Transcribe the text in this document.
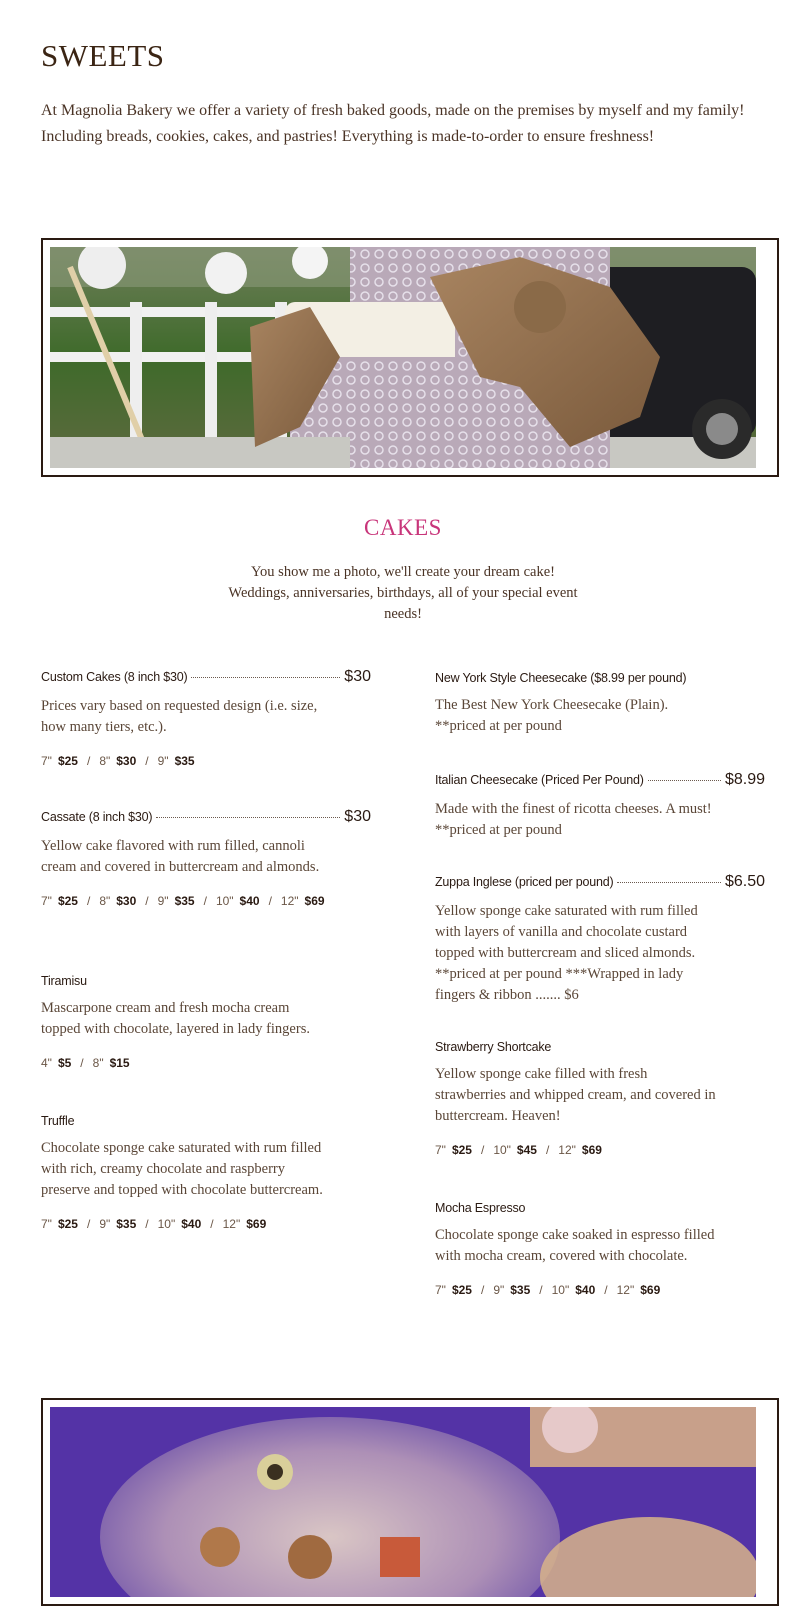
SWEETS

At Magnolia Bakery we offer a variety of fresh baked goods, made on the premises by myself and my family! Including breads, cookies, cakes, and pastries! Everything is made-to-order to ensure freshness!

CAKES

You show me a photo, we'll create your dream cake! Weddings, anniversaries, birthdays, all of your special event needs!

Custom Cakes (8 inch $30)	$30

Prices vary based on requested design (i.e. size, how many tiers, etc.).

7" $25 / 8" $30 / 9" $35
Cassate (8 inch $30)	$30

Yellow cake flavored with rum filled, cannoli cream and covered in buttercream and almonds.

7" $25 / 8" $30 / 9" $35 / 10" $40 / 12" $69
Tiramisu

Mascarpone cream and fresh mocha cream topped with chocolate, layered in lady fingers.

4" $5 / 8" $15
Truffle

Chocolate sponge cake saturated with rum filled with rich, creamy chocolate and raspberry preserve and topped with chocolate buttercream.

7" $25 / 9" $35 / 10" $40 / 12" $69
New York Style Cheesecake ($8.99 per pound)

The Best New York Cheesecake (Plain). **priced at per pound

Italian Cheesecake (Priced Per Pound)	$8.99

Made with the finest of ricotta cheeses. A must! **priced at per pound

Zuppa Inglese (priced per pound)	$6.50

Yellow sponge cake saturated with rum filled with layers of vanilla and chocolate custard topped with buttercream and sliced almonds. **priced at per pound ***Wrapped in lady fingers & ribbon ....... $6

Strawberry Shortcake

Yellow sponge cake filled with fresh strawberries and whipped cream, and covered in buttercream. Heaven!

7" $25 / 10" $45 / 12" $69
Mocha Espresso

Chocolate sponge cake soaked in espresso filled with mocha cream, covered with chocolate.

7" $25 / 9" $35 / 10" $40 / 12" $69
